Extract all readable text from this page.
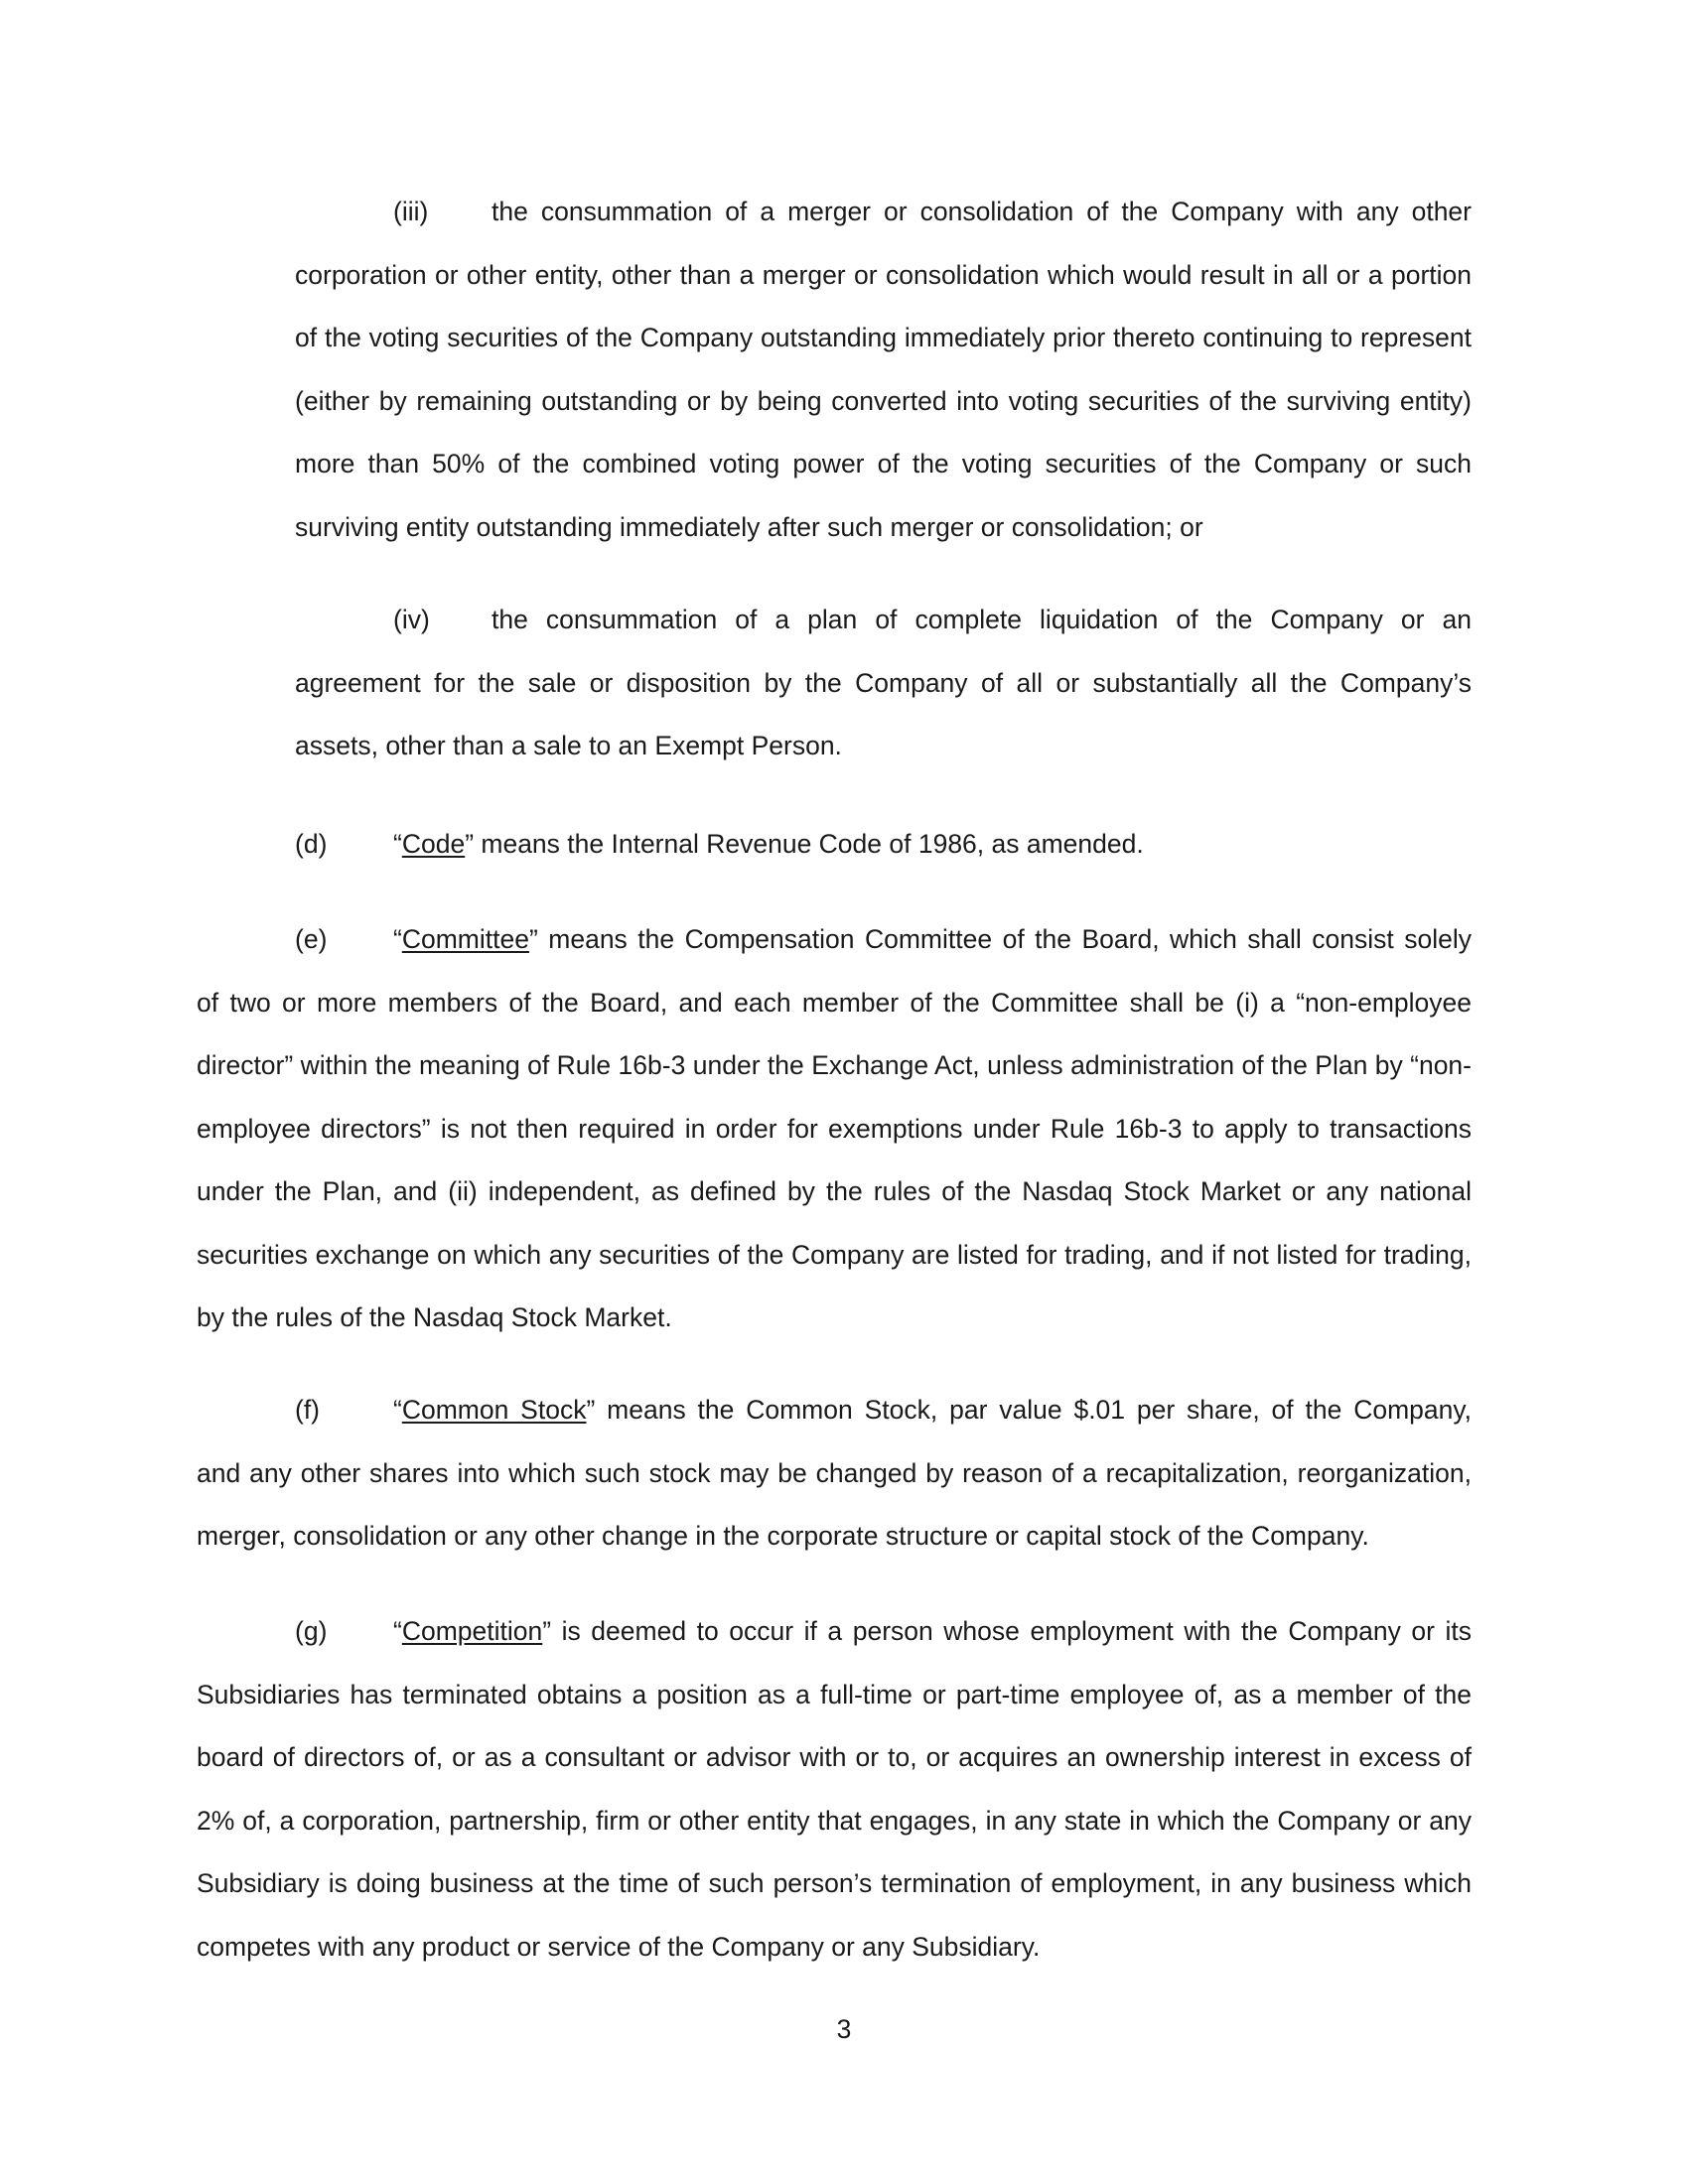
(iii) the consummation of a merger or consolidation of the Company with any other
corporation or other entity, other than a merger or consolidation which would result in all or a portion of the voting securities of the Company outstanding immediately prior thereto continuing to represent (either by remaining outstanding or by being converted into voting securities of the surviving entity) more than 50% of the combined voting power of the voting securities of the Company or such surviving entity outstanding immediately after such merger or consolidation; or

(iv) the consummation of a plan of complete liquidation of the Company or an
agreement for the sale or disposition by the Company of all or substantially all the Company’s assets, other than a sale to an Exempt Person.

(d)	“Code” means the Internal Revenue Code of 1986, as amended.

(e)	“Committee” means the Compensation Committee of the Board, which shall consist solely
of two or more members of the Board, and each member of the Committee shall be (i) a “non-employee director” within the meaning of Rule 16b-3 under the Exchange Act, unless administration of the Plan by “non-employee directors” is not then required in order for exemptions under Rule 16b-3 to apply to transactions under the Plan, and (ii) independent, as defined by the rules of the Nasdaq Stock Market or any national securities exchange on which any securities of the Company are listed for trading, and if not listed for trading, by the rules of the Nasdaq Stock Market.

(f)	“Common Stock” means the Common Stock, par value $.01 per share, of the Company,
and any other shares into which such stock may be changed by reason of a recapitalization, reorganization, merger, consolidation or any other change in the corporate structure or capital stock of the Company.

(g)	“Competition” is deemed to occur if a person whose employment with the Company or its
Subsidiaries has terminated obtains a position as a full-time or part-time employee of, as a member of the board of directors of, or as a consultant or advisor with or to, or acquires an ownership interest in excess of 2% of, a corporation, partnership, firm or other entity that engages, in any state in which the Company or any Subsidiary is doing business at the time of such person’s termination of employment, in any business which competes with any product or service of the Company or any Subsidiary.

3
